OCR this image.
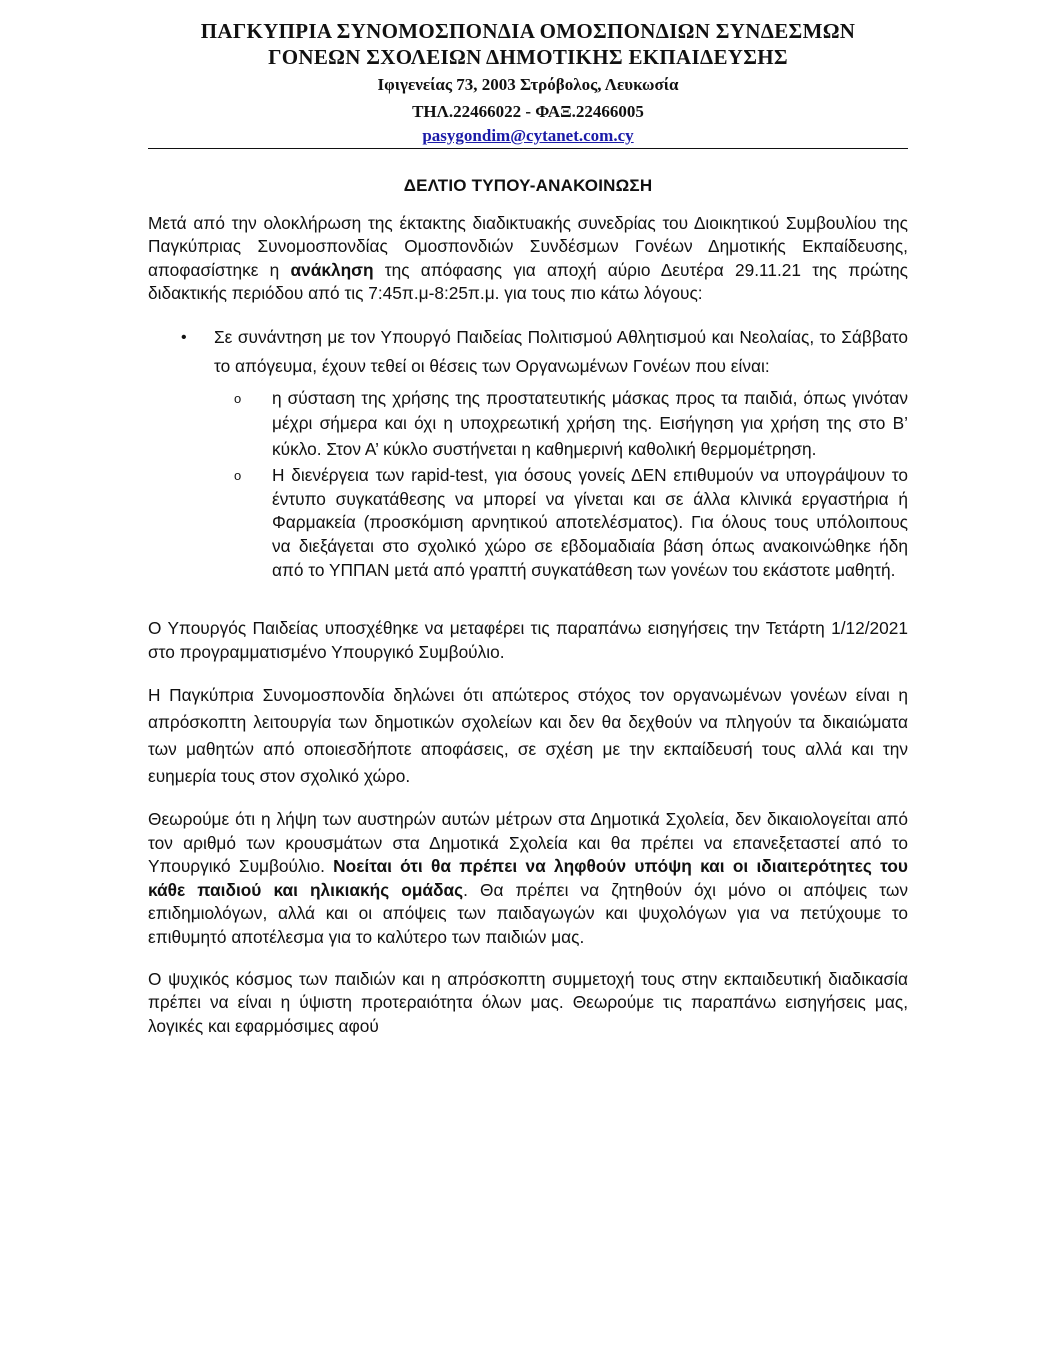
ΠΑΓΚΥΠΡΙΑ ΣΥΝΟΜΟΣΠΟΝΔΙΑ ΟΜΟΣΠΟΝΔΙΩΝ ΣΥΝΔΕΣΜΩΝ
ΓΟΝΕΩΝ ΣΧΟΛΕΙΩΝ ΔΗΜΟΤΙΚΗΣ ΕΚΠΑΙΔΕΥΣΗΣ
Ιφιγενείας 73, 2003 Στρόβολος, Λευκωσία
ΤΗΛ.22466022 - ΦΑΞ.22466005
pasygondim@cytanet.com.cy
ΔΕΛΤΙΟ ΤΥΠΟΥ-ΑΝΑΚΟΙΝΩΣΗ

Μετά από την ολοκλήρωση της έκτακτης διαδικτυακής συνεδρίας του Διοικητικού Συμβουλίου της Παγκύπριας Συνομοσπονδίας Ομοσπονδιών Συνδέσμων Γονέων Δημοτικής Εκπαίδευσης, αποφασίστηκε η ανάκληση της απόφασης για αποχή αύριο Δευτέρα 29.11.21 της πρώτης διδακτικής περιόδου από τις 7:45π.μ-8:25π.μ. για τους πιο κάτω λόγους:

• Σε συνάντηση με τον Υπουργό Παιδείας Πολιτισμού Αθλητισμού και Νεολαίας, το Σάββατο το απόγευμα, έχουν τεθεί οι θέσεις των Οργανωμένων Γονέων που είναι:

o η σύσταση της χρήσης της προστατευτικής μάσκας προς τα παιδιά, όπως γινόταν μέχρι σήμερα και όχι η υποχρεωτική χρήση της. Εισήγηση για χρήση της στο Β’ κύκλο. Στον Α’ κύκλο συστήνεται η καθημερινή καθολική θερμομέτρηση.

o Η διενέργεια των rapid-test, για όσους γονείς ΔΕΝ επιθυμούν να υπογράψουν το έντυπο συγκατάθεσης να μπορεί να γίνεται και σε άλλα κλινικά εργαστήρια ή Φαρμακεία (προσκόμιση αρνητικού αποτελέσματος). Για όλους τους υπόλοιπους να διεξάγεται στο σχολικό χώρο σε εβδομαδιαία βάση όπως ανακοινώθηκε ήδη από το ΥΠΠΑΝ μετά από γραπτή συγκατάθεση των γονέων του εκάστοτε μαθητή.

Ο Υπουργός Παιδείας υποσχέθηκε να μεταφέρει τις παραπάνω εισηγήσεις την Τετάρτη 1/12/2021 στο προγραμματισμένο Υπουργικό Συμβούλιο.

Η Παγκύπρια Συνομοσπονδία δηλώνει ότι απώτερος στόχος τον οργανωμένων γονέων είναι η απρόσκοπτη λειτουργία των δημοτικών σχολείων και δεν θα δεχθούν να πληγούν τα δικαιώματα των μαθητών από οποιεσδήποτε αποφάσεις, σε σχέση με την εκπαίδευσή τους αλλά και την ευημερία τους στον σχολικό χώρο.

Θεωρούμε ότι η λήψη των αυστηρών αυτών μέτρων στα Δημοτικά Σχολεία, δεν δικαιολογείται από τον αριθμό των κρουσμάτων στα Δημοτικά Σχολεία και θα πρέπει να επανεξεταστεί από το Υπουργικό Συμβούλιο. Νοείται ότι θα πρέπει να ληφθούν υπόψη και οι ιδιαιτερότητες του κάθε παιδιού και ηλικιακής ομάδας. Θα πρέπει να ζητηθούν όχι μόνο οι απόψεις των επιδημιολόγων, αλλά και οι απόψεις των παιδαγωγών και ψυχολόγων για να πετύχουμε το επιθυμητό αποτέλεσμα για το καλύτερο των παιδιών μας.

Ο ψυχικός κόσμος των παιδιών και η απρόσκοπτη συμμετοχή τους στην εκπαιδευτική διαδικασία πρέπει να είναι η ύψιστη προτεραιότητα όλων μας. Θεωρούμε τις παραπάνω εισηγήσεις μας, λογικές και εφαρμόσιμες αφού
